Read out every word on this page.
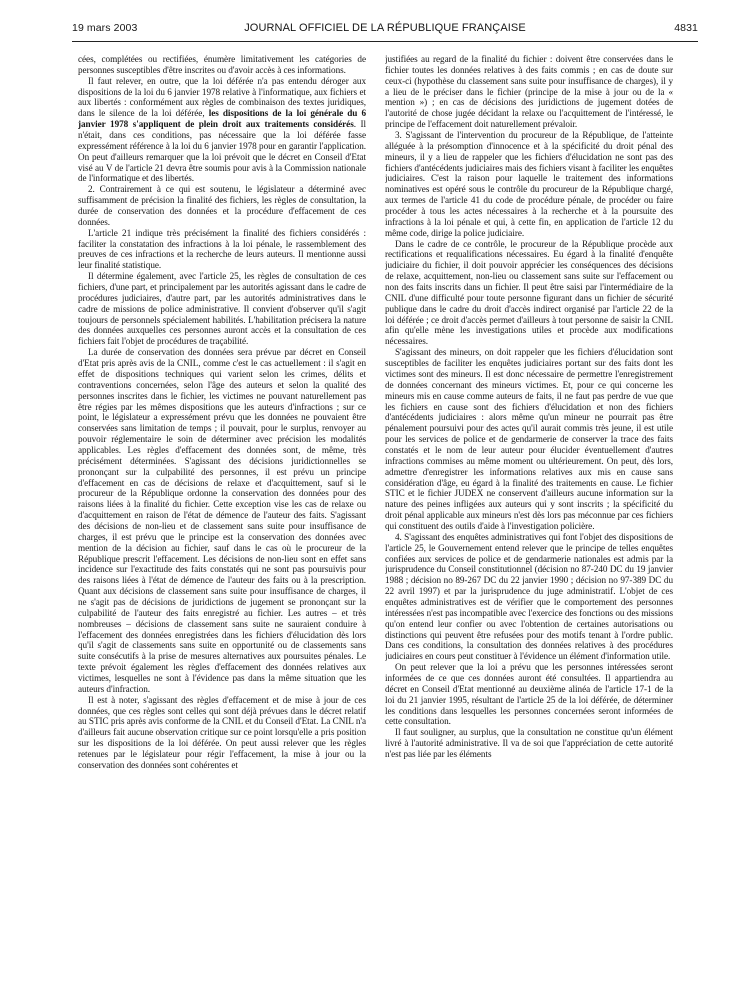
19 mars 2003	JOURNAL OFFICIEL DE LA RÉPUBLIQUE FRANÇAISE	4831

cées, complétées ou rectifiées, énumère limitativement les catégories de personnes susceptibles d'être inscrites ou d'avoir accès à ces informations.

Il faut relever, en outre, que la loi déférée n'a pas entendu déroger aux dispositions de la loi du 6 janvier 1978 relative à l'informatique, aux fichiers et aux libertés : conformément aux règles de combinaison des textes juridiques, dans le silence de la loi déférée, les dispositions de la loi générale du 6 janvier 1978 s'appliquent de plein droit aux traitements considérés. Il n'était, dans ces conditions, pas nécessaire que la loi déférée fasse expressément référence à la loi du 6 janvier 1978 pour en garantir l'application. On peut d'ailleurs remarquer que la loi prévoit que le décret en Conseil d'Etat visé au V de l'article 21 devra être soumis pour avis à la Commission nationale de l'informatique et des libertés.

2. Contrairement à ce qui est soutenu, le législateur a déterminé avec suffisamment de précision la finalité des fichiers, les règles de consultation, la durée de conservation des données et la procédure d'effacement de ces données.

L'article 21 indique très précisément la finalité des fichiers considérés : faciliter la constatation des infractions à la loi pénale, le rassemblement des preuves de ces infractions et la recherche de leurs auteurs. Il mentionne aussi leur finalité statistique.

Il détermine également, avec l'article 25, les règles de consultation de ces fichiers, d'une part, et principalement par les autorités agissant dans le cadre de procédures judiciaires, d'autre part, par les autorités administratives dans le cadre de missions de police administrative. Il convient d'observer qu'il s'agit toujours de personnels spécialement habilités. L'habilitation précisera la nature des données auxquelles ces personnes auront accès et la consultation de ces fichiers fait l'objet de procédures de traçabilité.

La durée de conservation des données sera prévue par décret en Conseil d'Etat pris après avis de la CNIL, comme c'est le cas actuellement : il s'agit en effet de dispositions techniques qui varient selon les crimes, délits et contraventions concernées, selon l'âge des auteurs et selon la qualité des personnes inscrites dans le fichier, les victimes ne pouvant naturellement pas être régies par les mêmes dispositions que les auteurs d'infractions ; sur ce point, le législateur a expressément prévu que les données ne pouvaient être conservées sans limitation de temps ; il pouvait, pour le surplus, renvoyer au pouvoir réglementaire le soin de déterminer avec précision les modalités applicables. Les règles d'effacement des données sont, de même, très précisément déterminées. S'agissant des décisions juridictionnelles se prononçant sur la culpabilité des personnes, il est prévu un principe d'effacement en cas de décisions de relaxe et d'acquittement, sauf si le procureur de la République ordonne la conservation des données pour des raisons liées à la finalité du fichier. Cette exception vise les cas de relaxe ou d'acquittement en raison de l'état de démence de l'auteur des faits. S'agissant des décisions de non-lieu et de classement sans suite pour insuffisance de charges, il est prévu que le principe est la conservation des données avec mention de la décision au fichier, sauf dans le cas où le procureur de la République prescrit l'effacement. Les décisions de non-lieu sont en effet sans incidence sur l'exactitude des faits constatés qui ne sont pas poursuivis pour des raisons liées à l'état de démence de l'auteur des faits ou à la prescription. Quant aux décisions de classement sans suite pour insuffisance de charges, il ne s'agit pas de décisions de juridictions de jugement se prononçant sur la culpabilité de l'auteur des faits enregistré au fichier. Les autres – et très nombreuses – décisions de classement sans suite ne sauraient conduire à l'effacement des données enregistrées dans les fichiers d'élucidation dès lors qu'il s'agit de classements sans suite en opportunité ou de classements sans suite consécutifs à la prise de mesures alternatives aux poursuites pénales. Le texte prévoit également les règles d'effacement des données relatives aux victimes, lesquelles ne sont à l'évidence pas dans la même situation que les auteurs d'infraction.

Il est à noter, s'agissant des règles d'effacement et de mise à jour de ces données, que ces règles sont celles qui sont déjà prévues dans le décret relatif au STIC pris après avis conforme de la CNIL et du Conseil d'Etat. La CNIL n'a d'ailleurs fait aucune observation critique sur ce point lorsqu'elle a pris position sur les dispositions de la loi déférée. On peut aussi relever que les règles retenues par le législateur pour régir l'effacement, la mise à jour ou la conservation des données sont cohérentes et

justifiées au regard de la finalité du fichier : doivent être conservées dans le fichier toutes les données relatives à des faits commis ; en cas de doute sur ceux-ci (hypothèse du classement sans suite pour insuffisance de charges), il y a lieu de le préciser dans le fichier (principe de la mise à jour ou de la « mention ») ; en cas de décisions des juridictions de jugement dotées de l'autorité de chose jugée décidant la relaxe ou l'acquittement de l'intéressé, le principe de l'effacement doit naturellement prévaloir.

3. S'agissant de l'intervention du procureur de la République, de l'atteinte alléguée à la présomption d'innocence et à la spécificité du droit pénal des mineurs, il y a lieu de rappeler que les fichiers d'élucidation ne sont pas des fichiers d'antécédents judiciaires mais des fichiers visant à faciliter les enquêtes judiciaires. C'est la raison pour laquelle le traitement des informations nominatives est opéré sous le contrôle du procureur de la République chargé, aux termes de l'article 41 du code de procédure pénale, de procéder ou faire procéder à tous les actes nécessaires à la recherche et à la poursuite des infractions à la loi pénale et qui, à cette fin, en application de l'article 12 du même code, dirige la police judiciaire.

Dans le cadre de ce contrôle, le procureur de la République procède aux rectifications et requalifications nécessaires. Eu égard à la finalité d'enquête judiciaire du fichier, il doit pouvoir apprécier les conséquences des décisions de relaxe, acquittement, non-lieu ou classement sans suite sur l'effacement ou non des faits inscrits dans un fichier. Il peut être saisi par l'intermédiaire de la CNIL d'une difficulté pour toute personne figurant dans un fichier de sécurité publique dans le cadre du droit d'accès indirect organisé par l'article 22 de la loi déférée ; ce droit d'accès permet d'ailleurs à tout personne de saisir la CNIL afin qu'elle mène les investigations utiles et procède aux modifications nécessaires.

S'agissant des mineurs, on doit rappeler que les fichiers d'élucidation sont susceptibles de faciliter les enquêtes judiciaires portant sur des faits dont les victimes sont des mineurs. Il est donc nécessaire de permettre l'enregistrement de données concernant des mineurs victimes. Et, pour ce qui concerne les mineurs mis en cause comme auteurs de faits, il ne faut pas perdre de vue que les fichiers en cause sont des fichiers d'élucidation et non des fichiers d'antécédents judiciaires : alors même qu'un mineur ne pourrait pas être pénalement poursuivi pour des actes qu'il aurait commis très jeune, il est utile pour les services de police et de gendarmerie de conserver la trace des faits constatés et le nom de leur auteur pour élucider éventuellement d'autres infractions commises au même moment ou ultérieurement. On peut, dès lors, admettre d'enregistrer les informations relatives aux mis en cause sans considération d'âge, eu égard à la finalité des traitements en cause. Le fichier STIC et le fichier JUDEX ne conservent d'ailleurs aucune information sur la nature des peines infligées aux auteurs qui y sont inscrits ; la spécificité du droit pénal applicable aux mineurs n'est dès lors pas méconnue par ces fichiers qui constituent des outils d'aide à l'investigation policière.

4. S'agissant des enquêtes administratives qui font l'objet des dispositions de l'article 25, le Gouvernement entend relever que le principe de telles enquêtes confiées aux services de police et de gendarmerie nationales est admis par la jurisprudence du Conseil constitutionnel (décision no 87-240 DC du 19 janvier 1988 ; décision no 89-267 DC du 22 janvier 1990 ; décision no 97-389 DC du 22 avril 1997) et par la jurisprudence du juge administratif. L'objet de ces enquêtes administratives est de vérifier que le comportement des personnes intéressées n'est pas incompatible avec l'exercice des fonctions ou des missions qu'on entend leur confier ou avec l'obtention de certaines autorisations ou distinctions qui peuvent être refusées pour des motifs tenant à l'ordre public. Dans ces conditions, la consultation des données relatives à des procédures judiciaires en cours peut constituer à l'évidence un élément d'information utile.

On peut relever que la loi a prévu que les personnes intéressées seront informées de ce que ces données auront été consultées. Il appartiendra au décret en Conseil d'Etat mentionné au deuxième alinéa de l'article 17-1 de la loi du 21 janvier 1995, résultant de l'article 25 de la loi déférée, de déterminer les conditions dans lesquelles les personnes concernées seront informées de cette consultation.

Il faut souligner, au surplus, que la consultation ne constitue qu'un élément livré à l'autorité administrative. Il va de soi que l'appréciation de cette autorité n'est pas liée par les éléments
